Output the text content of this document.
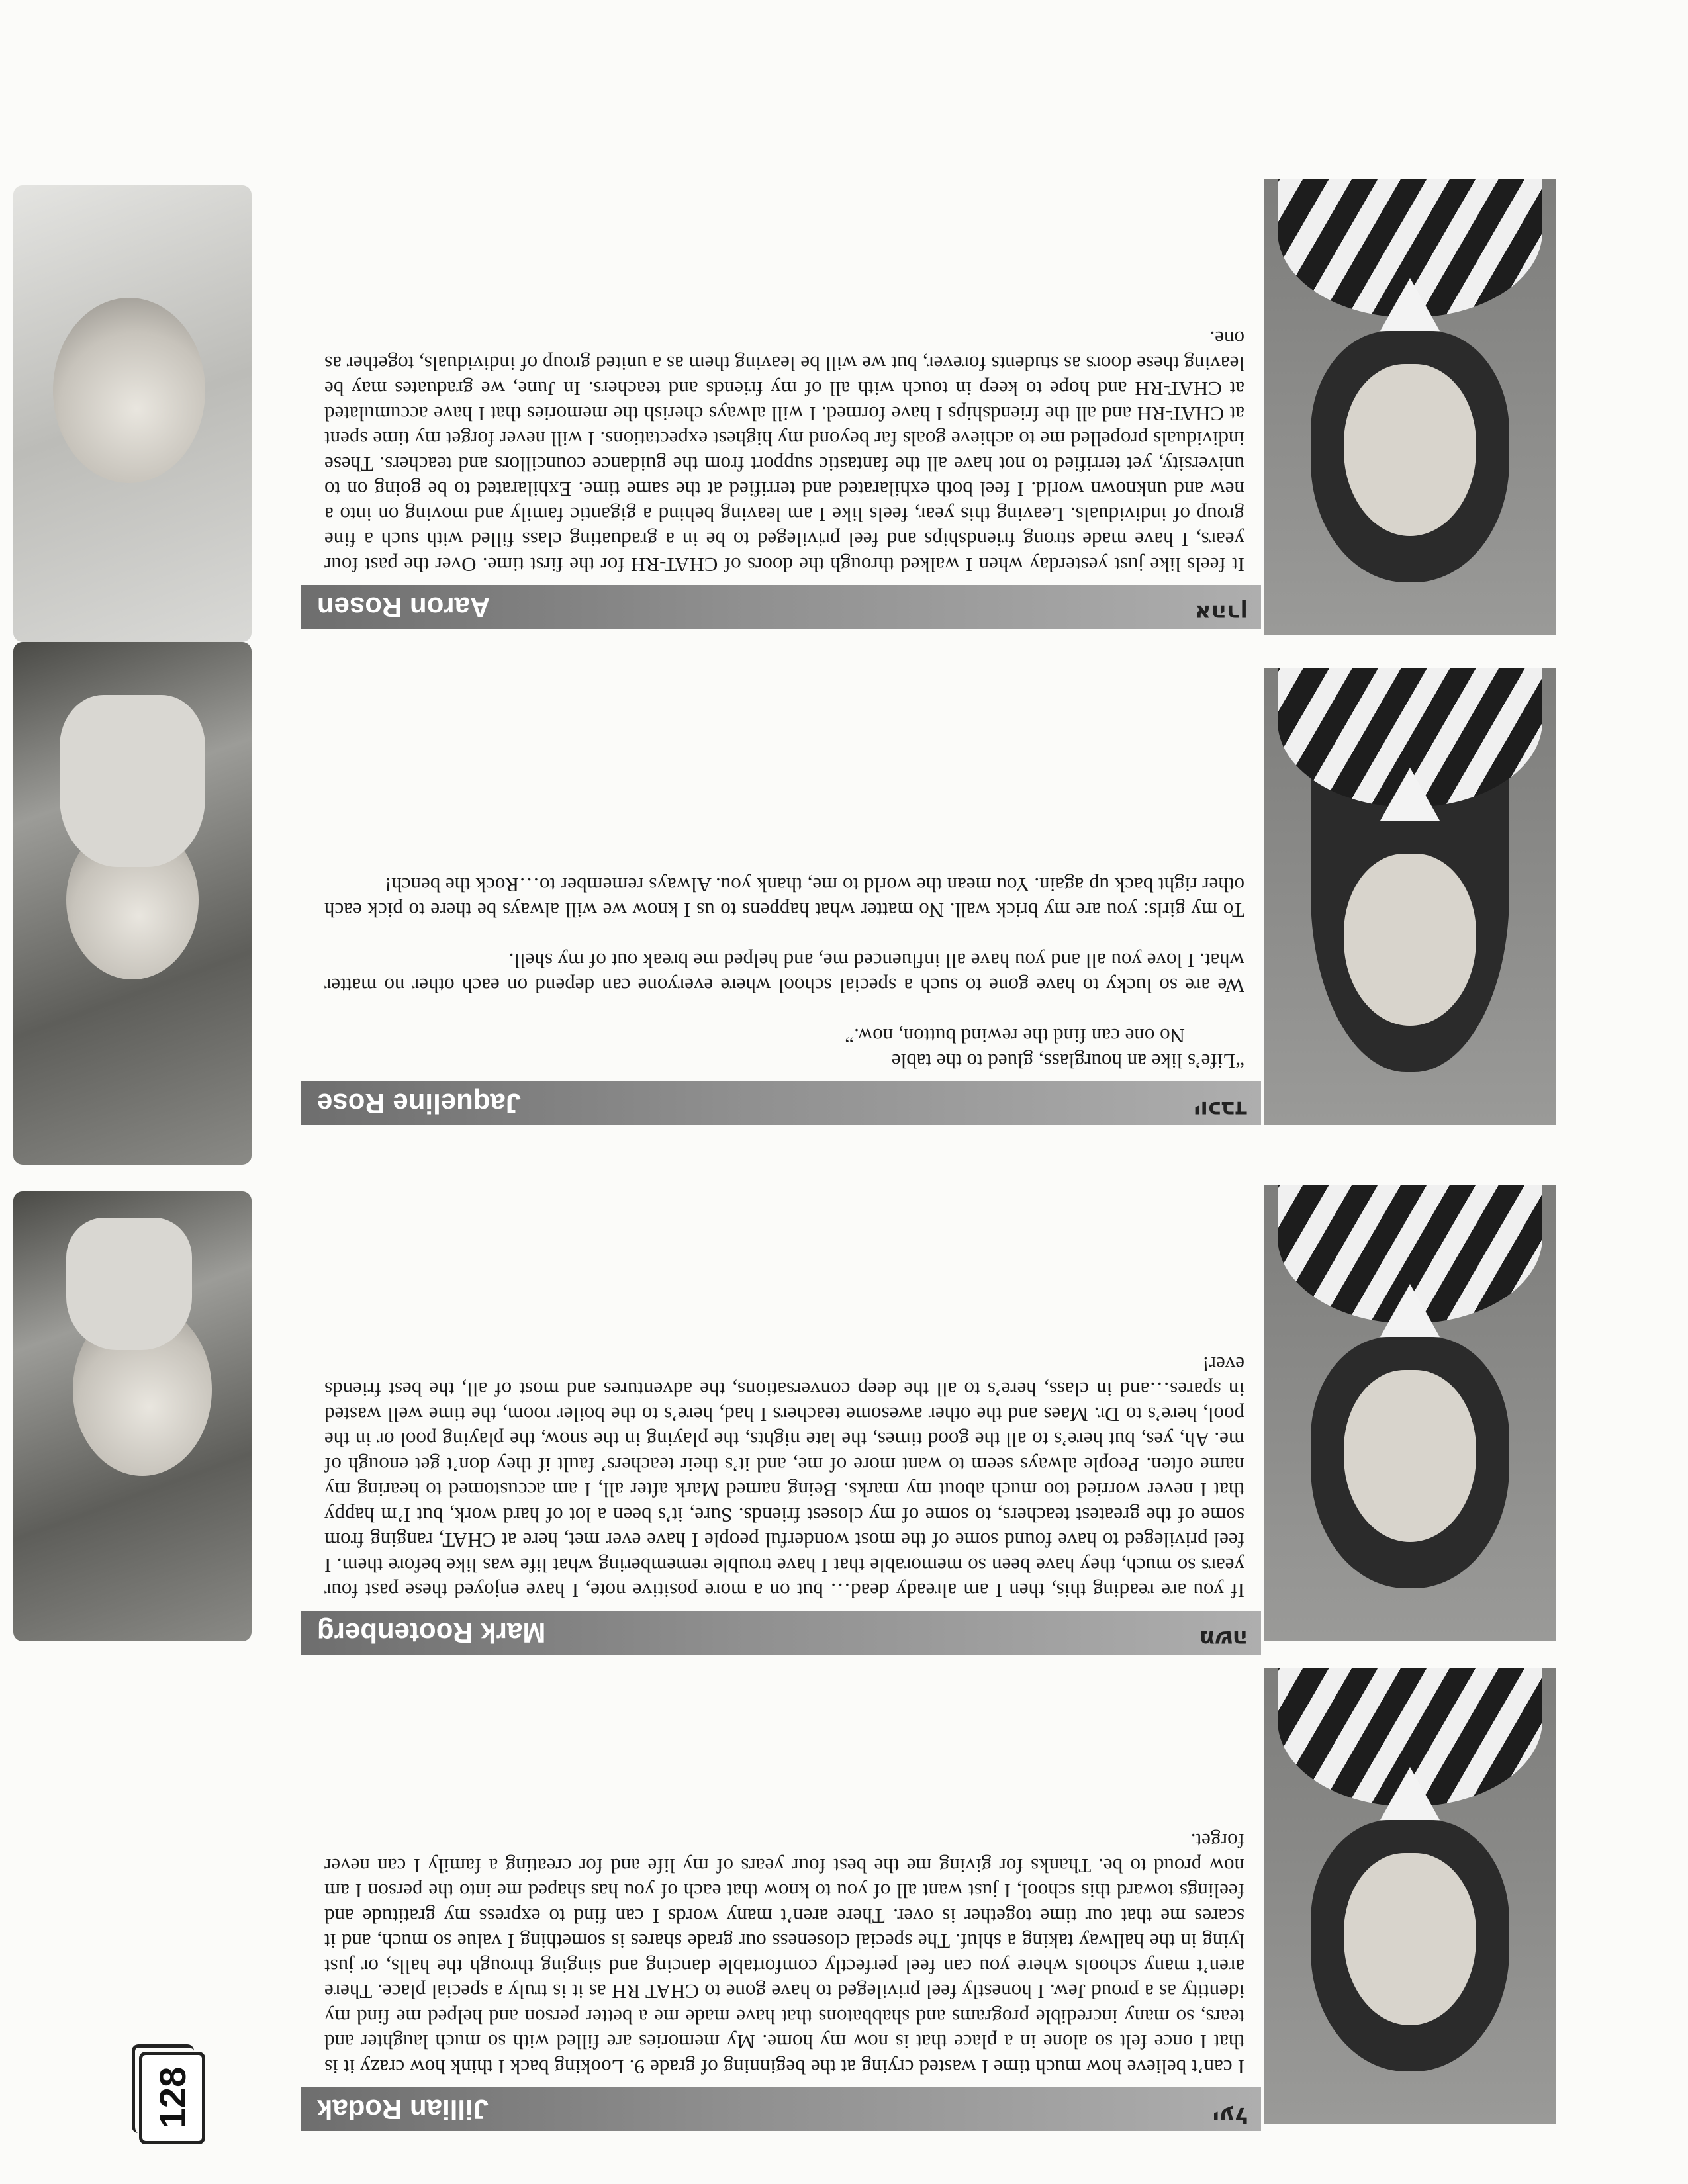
Jillian Rodak	יעל
I can’t believe how much time I wasted crying at the beginning of grade 9. Looking back I think how crazy it is that I once felt so alone in a place that is now my home. My memories are filled with so much laughter and tears, so many incredible programs and shabbatons that have made me a better person and helped me find my identity as a proud Jew. I honestly feel privileged to have gone to CHAT RH as it is truly a special place. There aren’t many schools where you can feel perfectly comfortable dancing and singing through the halls, or just lying in the hallway taking a shluf. The special closeness our grade shares is something I value so much, and it scares me that our time together is over. There aren’t many words I can find to express my gratitude and feelings toward this school, I just want all of you to know that each of you has shaped me into the person I am now proud to be. Thanks for giving me the best four years of my life and for creating a family I can never forget.
Mark Rootenberg	משה
If you are reading this, then I am already dead… but on a more positive note, I have enjoyed these past four years so much, they have been so memorable that I have trouble remembering what life was like before them. I feel privileged to have found some of the most wonderful people I have ever met, here at CHAT, ranging from some of the greatest teachers, to some of my closest friends. Sure, it’s been a lot of hard work, but I’m happy that I never worried too much about my marks. Being named Mark after all, I am accustomed to hearing my name often. People always seem to want more of me, and it’s their teachers’ fault if they don’t get enough of me. Ah, yes, but here’s to all the good times, the late nights, the playing in the snow, the playing pool or in the pool, here’s to Dr. Maes and the other awesome teachers I had, here’s to the boiler room, the time well wasted in spares…and in class, here’s to all the deep conversations, the adventures and most of all, the best friends ever!
Jaqueline Rose	יוכבד
“Life’s like an hourglass, glued to the table
No one can find the rewind button, now.”
We are so lucky to have gone to such a special school where everyone can depend on each other no matter what. I love you all and you have all influenced me, and helped me break out of my shell.
To my girls: you are my brick wall. No matter what happens to us I know we will always be there to pick each other right back up again. You mean the world to me, thank you. Always remember to…Rock the bench!
Aaron Rosen	אהרן
It feels like just yesterday when I walked through the doors of CHAT-RH for the first time. Over the past four years, I have made strong friendships and feel privileged to be in a graduating class filled with such a fine group of individuals. Leaving this year, feels like I am leaving behind a gigantic family and moving on into a new and unknown world. I feel both exhilarated and terrified at the same time. Exhilarated to be going on to university, yet terrified to not have all the fantastic support from the guidance councillors and teachers. These individuals propelled me to achieve goals far beyond my highest expectations. I will never forget my time spent at CHAT-RH and all the friendships I have formed. I will always cherish the memories that I have accumulated at CHAT-RH and hope to keep in touch with all of my friends and teachers. In June, we graduates may be leaving these doors as students forever, but we will be leaving them as a united group of individuals, together as one.
128
